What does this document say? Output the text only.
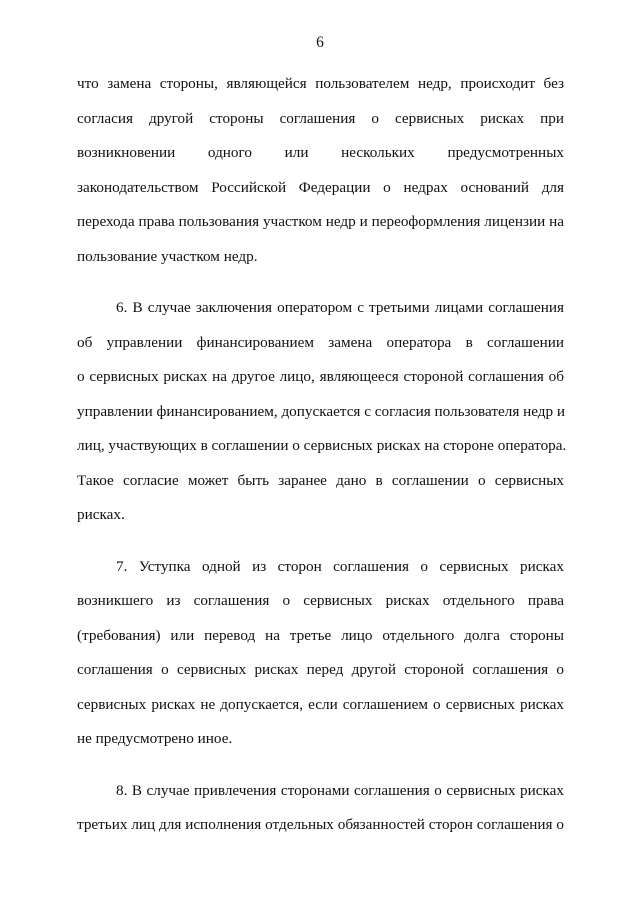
6
что замена стороны, являющейся пользователем недр, происходит без
согласия другой стороны соглашения о сервисных рисках при
возникновении одного или нескольких предусмотренных
законодательством Российской Федерации о недрах оснований для
перехода права пользования участком недр и переоформления лицензии на
пользование участком недр.
6. В случае заключения оператором с третьими лицами соглашения
об управлении финансированием замена оператора в соглашении
о сервисных рисках на другое лицо, являющееся стороной соглашения об
управлении финансированием, допускается с согласия пользователя недр и
лиц, участвующих в соглашении о сервисных рисках на стороне оператора.
Такое согласие может быть заранее дано в соглашении о сервисных
рисках.
7. Уступка одной из сторон соглашения о сервисных рисках
возникшего из соглашения о сервисных рисках отдельного права
(требования) или перевод на третье лицо отдельного долга стороны
соглашения о сервисных рисках перед другой стороной соглашения о
сервисных рисках не допускается, если соглашением о сервисных рисках
не предусмотрено иное.
8. В случае привлечения сторонами соглашения о сервисных рисках
третьих лиц для исполнения отдельных обязанностей сторон соглашения о
